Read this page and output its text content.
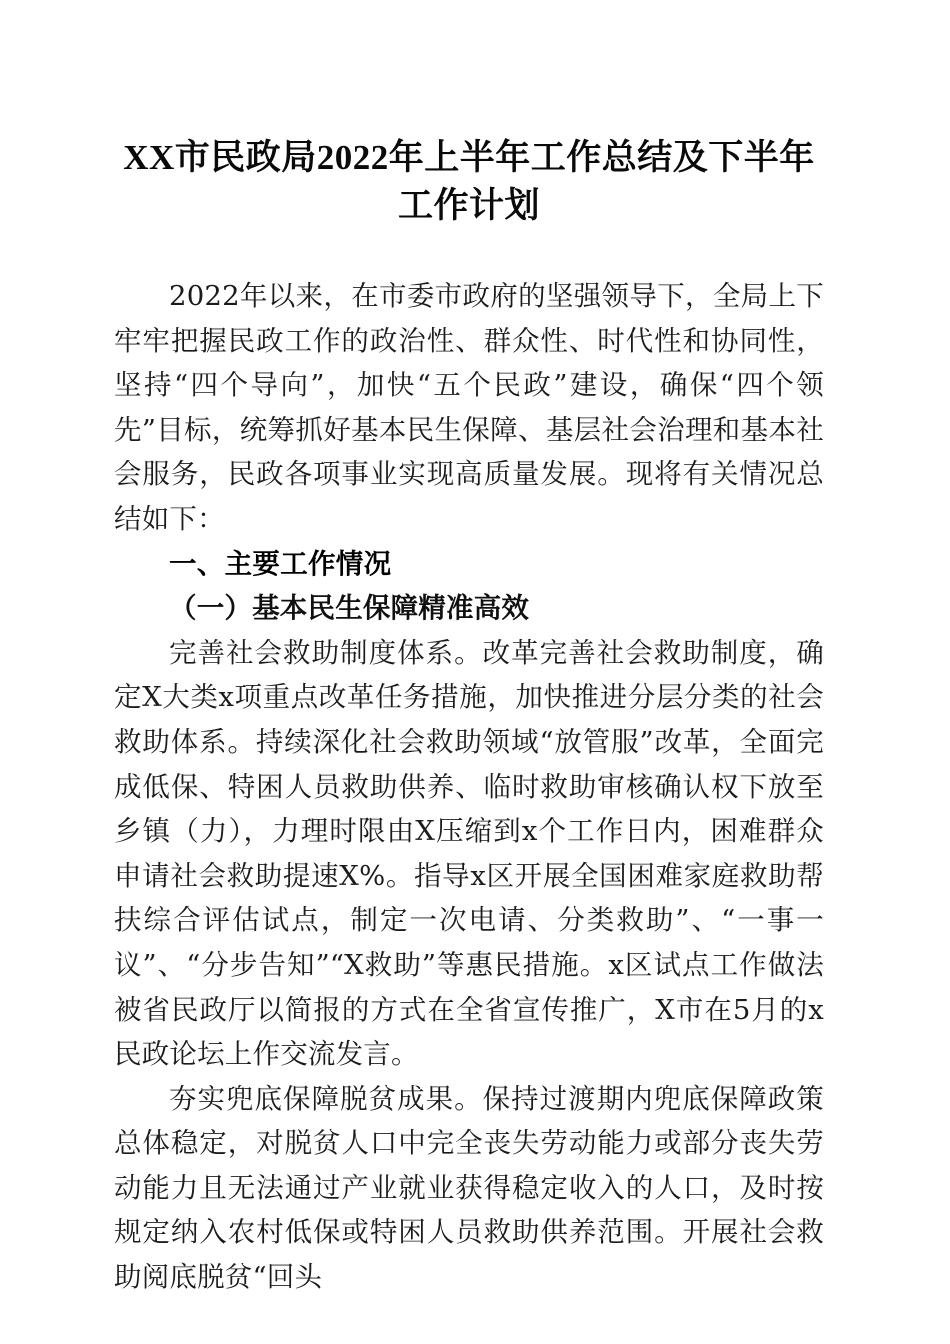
XX市民政局2022年上半年工作总结及下半年工作计划

2022年以来，在市委市政府的坚强领导下，全局上下牢牢把握民政工作的政治性、群众性、时代性和协同性，坚持“四个导向”，加快“五个民政”建设，确保“四个领先”目标，统筹抓好基本民生保障、基层社会治理和基本社会服务，民政各项事业实现高质量发展。现将有关情况总结如下：

一、主要工作情况

（一）基本民生保障精准高效

完善社会救助制度体系。改革完善社会救助制度，确定X大类x项重点改革任务措施，加快推进分层分类的社会救助体系。持续深化社会救助领域“放管服”改革，全面完成低保、特困人员救助供养、临时救助审核确认权下放至乡镇（力），力理时限由X压缩到x个工作日内，困难群众申请社会救助提速X%。指导x区开展全国困难家庭救助帮扶综合评估试点，制定一次电请、分类救助”、“一事一议”、“分步告知”“X救助”等惠民措施。x区试点工作做法被省民政厅以简报的方式在全省宣传推广，X市在5月的x民政论坛上作交流发言。

夯实兜底保障脱贫成果。保持过渡期内兜底保障政策总体稳定，对脱贫人口中完全丧失劳动能力或部分丧失劳动能力且无法通过产业就业获得稳定收入的人口，及时按规定纳入农村低保或特困人员救助供养范围。开展社会救助阅底脱贫“回头
